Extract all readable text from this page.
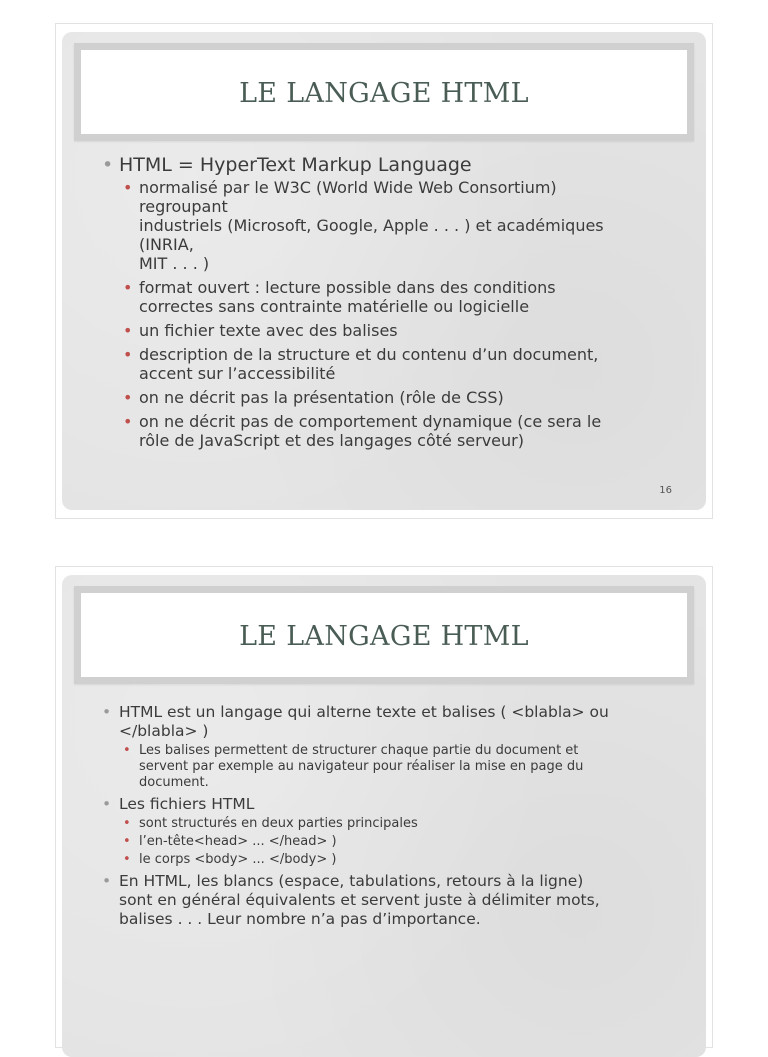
LE LANGAGE HTML
• HTML = HyperText Markup Language
• normalisé par le W3C (World Wide Web Consortium)
regroupant
industriels (Microsoft, Google, Apple . . . ) et académiques
(INRIA,
MIT . . . )
• format ouvert : lecture possible dans des conditions
correctes sans contrainte matérielle ou logicielle
• un fichier texte avec des balises
• description de la structure et du contenu d’un document,
accent sur l’accessibilité
• on ne décrit pas la présentation (rôle de CSS)
• on ne décrit pas de comportement dynamique (ce sera le
rôle de JavaScript et des langages côté serveur)
16
LE LANGAGE HTML
• HTML est un langage qui alterne texte et balises ( <blabla> ou
</blabla> )
• Les balises permettent de structurer chaque partie du document et
servent par exemple au navigateur pour réaliser la mise en page du
document.
• Les fichiers HTML
• sont structurés en deux parties principales
• l’en-tête<head> ... </head> )
• le corps <body> ... </body> )
• En HTML, les blancs (espace, tabulations, retours à la ligne)
sont en général équivalents et servent juste à délimiter mots,
balises . . . Leur nombre n’a pas d’importance.
